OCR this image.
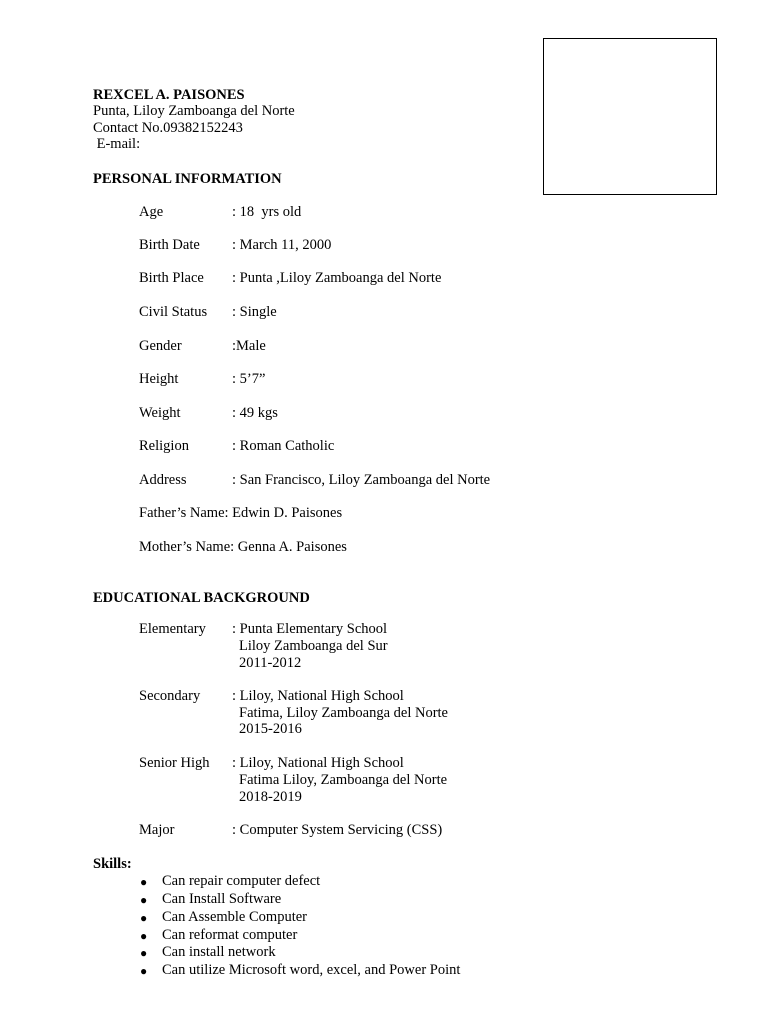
REXCEL A. PAISONES
Punta, Liloy Zamboanga del Norte
Contact No.09382152243
E-mail:
PERSONAL INFORMATION
Age	: 18  yrs old
Birth Date : March 11, 2000
Birth Place : Punta ,Liloy Zamboanga del Norte
Civil Status : Single
Gender	:Male
Height	: 5’7”
Weight	: 49 kgs
Religion	: Roman Catholic
Address	: San Francisco, Liloy Zamboanga del Norte
Father’s Name: Edwin D. Paisones
Mother’s Name: Genna A. Paisones
EDUCATIONAL BACKGROUND
Elementary : Punta Elementary School
Liloy Zamboanga del Sur
2011-2012
Secondary : Liloy, National High School
Fatima, Liloy Zamboanga del Norte
2015-2016
Senior High : Liloy, National High School
Fatima Liloy, Zamboanga del Norte
2018-2019
Major	: Computer System Servicing (CSS)
Skills:
● Can repair computer defect
● Can Install Software
● Can Assemble Computer
● Can reformat computer
● Can install network
● Can utilize Microsoft word, excel, and Power Point
